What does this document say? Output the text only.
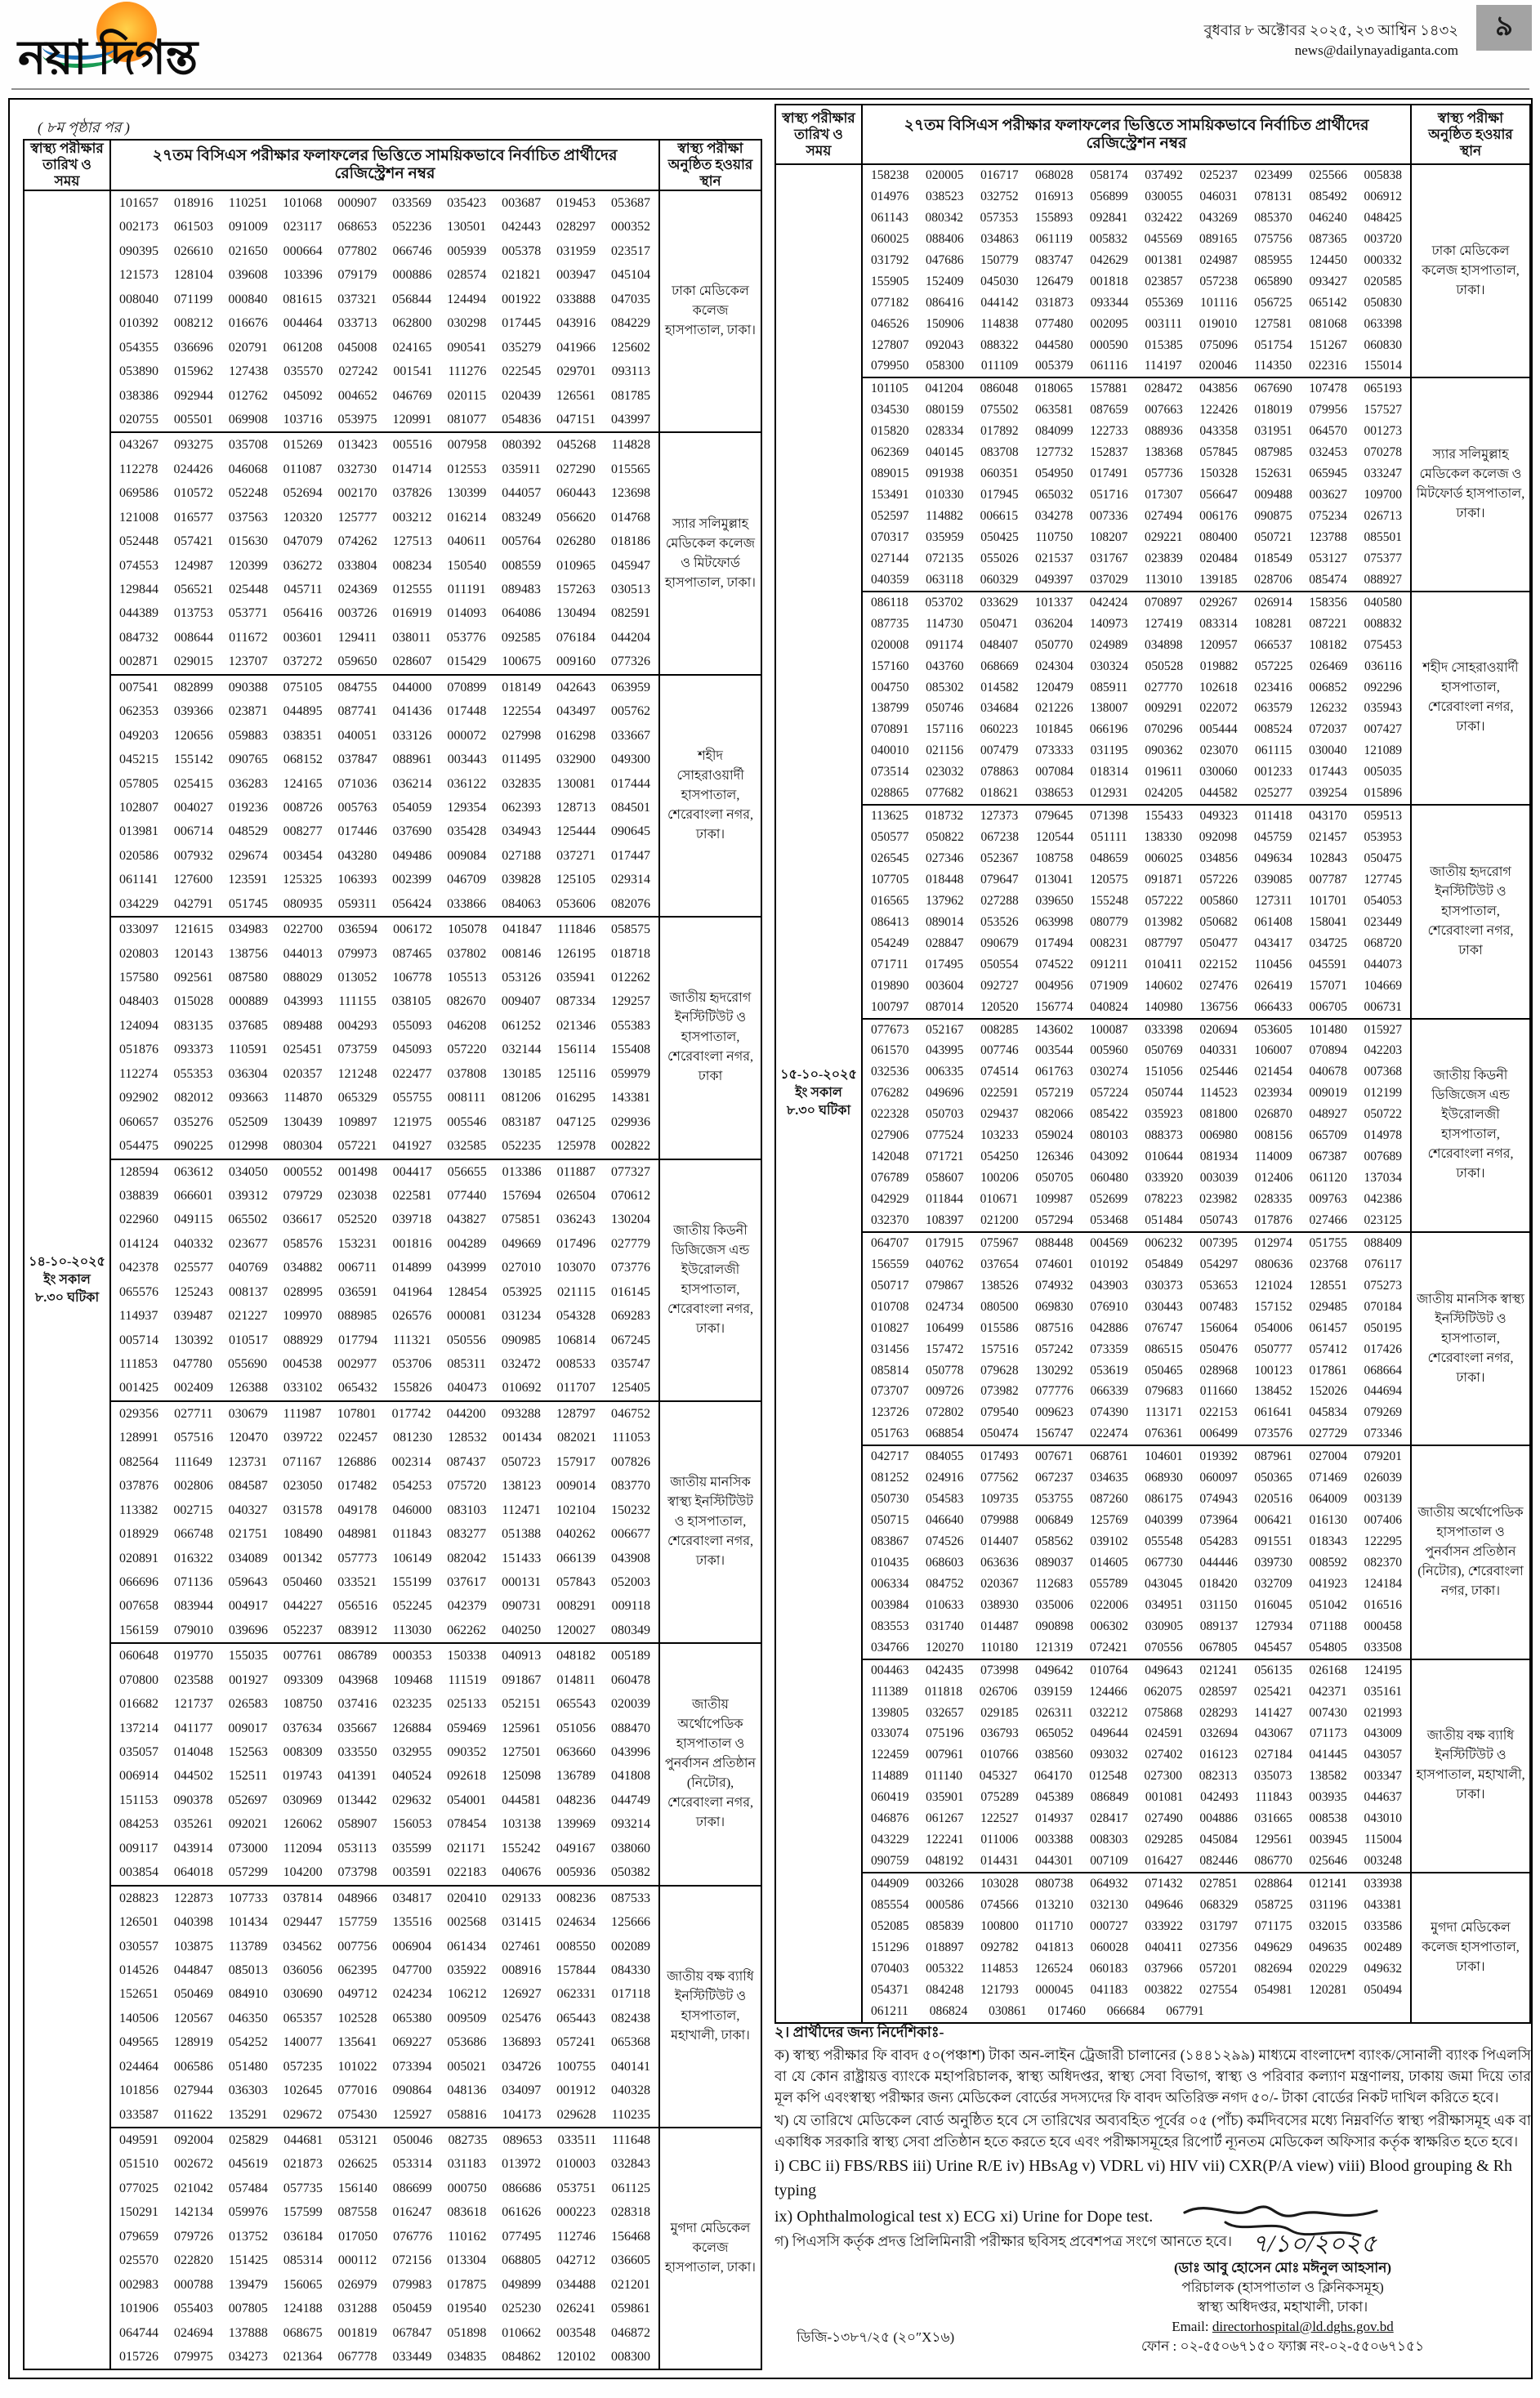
নয়া দিগন্ত
বুধবার ৮ অক্টোবর ২০২৫, ২৩ আশ্বিন ১৪৩২
news@dailynayadiganta.com
৯
( ৮ম পৃষ্ঠার পর )
স্বাস্থ্য পরীক্ষার তারিখ ও সময়
২৭তম বিসিএস পরীক্ষার ফলাফলের ভিত্তিতে সাময়িকভাবে নির্বাচিত প্রার্থীদের রেজিস্ট্রেশন নম্বর
স্বাস্থ্য পরীক্ষা অনুষ্ঠিত হওয়ার স্থান
১৪-১০-২০২৫ ইং সকাল ৮.৩০ ঘটিকা
101657 018916 110251 101068 000907 033569 035423 003687 019453 053687
002173 061503 091009 023117 068653 052236 130501 042443 028297 000352
090395 026610 021650 000664 077802 066746 005939 005378 031959 023517
121573 128104 039608 103396 079179 000886 028574 021821 003947 045104
008040 071199 000840 081615 037321 056844 124494 001922 033888 047035
010392 008212 016676 004464 033713 062800 030298 017445 043916 084229
054355 036696 020791 061208 045008 024165 090541 035279 041966 125602
053890 015962 127438 035570 027242 001541 111276 022545 029701 093113
038386 092944 012762 045092 004652 046769 020115 020439 126561 081785
020755 005501 069908 103716 053975 120991 081077 054836 047151 043997
ঢাকা মেডিকেল কলেজ হাসপাতাল, ঢাকা।
043267 093275 035708 015269 013423 005516 007958 080392 045268 114828
112278 024426 046068 011087 032730 014714 012553 035911 027290 015565
069586 010572 052248 052694 002170 037826 130399 044057 060443 123698
121008 016577 037563 120320 125777 003212 016214 083249 056620 014768
052448 057421 015630 047079 074262 127513 040611 005764 026280 018186
074553 124987 120399 036272 033804 008234 150540 008559 010965 045947
129844 056521 025448 045711 024369 012555 011191 089483 157263 030513
044389 013753 053771 056416 003726 016919 014093 064086 130494 082591
084732 008644 011672 003601 129411 038011 053776 092585 076184 044204
002871 029015 123707 037272 059650 028607 015429 100675 009160 077326
স্যার সলিমুল্লাহ মেডিকেল কলেজ ও মিটফোর্ড হাসপাতাল, ঢাকা।
007541 082899 090388 075105 084755 044000 070899 018149 042643 063959
062353 039366 023871 044895 087741 041436 017448 122554 043497 005762
049203 120656 059883 038351 040051 033126 000072 027998 016298 033667
045215 155142 090765 068152 037847 088961 003443 011495 032900 049300
057805 025415 036283 124165 071036 036214 036122 032835 130081 017444
102807 004027 019236 008726 005763 054059 129354 062393 128713 084501
013981 006714 048529 008277 017446 037690 035428 034943 125444 090645
020586 007932 029674 003454 043280 049486 009084 027188 037271 017447
061141 127600 123591 125325 106393 002399 046709 039828 125105 029314
034229 042791 051745 080935 059311 056424 033866 084063 053606 082076
শহীদ সোহরাওয়ার্দী হাসপাতাল, শেরেবাংলা নগর, ঢাকা।
033097 121615 034983 022700 036594 006172 105078 041847 111846 058575
020803 120143 138756 044013 079973 087465 037802 008146 126195 018718
157580 092561 087580 088029 013052 106778 105513 053126 035941 012262
048403 015028 000889 043993 111155 038105 082670 009407 087334 129257
124094 083135 037685 089488 004293 055093 046208 061252 021346 055383
051876 093373 110591 025451 073759 045093 057220 032144 156114 155408
112274 055353 036304 020357 121248 022477 037808 130185 125116 059979
092902 082012 093663 114870 065329 055755 008111 081206 016295 143381
060657 035276 052509 130439 109897 121975 005546 083187 047125 029936
054475 090225 012998 080304 057221 041927 032585 052235 125978 002822
জাতীয় হৃদরোগ ইনস্টিটিউট ও হাসপাতাল, শেরেবাংলা নগর, ঢাকা
128594 063612 034050 000552 001498 004417 056655 013386 011887 077327
038839 066601 039312 079729 023038 022581 077440 157694 026504 070612
022960 049115 065502 036617 052520 039718 043827 075851 036243 130204
014124 040332 023677 058576 153231 001816 004289 049669 017496 027779
042378 025577 040769 034882 006711 014899 043999 027010 103070 073776
065576 125243 008137 028995 036591 041964 128454 053925 021115 016145
114937 039487 021227 109970 088985 026576 000081 031234 054328 069283
005714 130392 010517 088929 017794 111321 050556 090985 106814 067245
111853 047780 055690 004538 002977 053706 085311 032472 008533 035747
001425 002409 126388 033102 065432 155826 040473 010692 011707 125405
জাতীয় কিডনী ডিজিজেস এন্ড ইউরোলজী হাসপাতাল, শেরেবাংলা নগর, ঢাকা।
029356 027711 030679 111987 107801 017742 044200 093288 128797 046752
128991 057516 120470 039722 022457 081230 128532 001434 082021 111053
082564 111649 123731 071167 126886 002314 087437 050723 157917 007826
037876 002806 084587 023050 017482 054253 075720 138123 009014 083770
113382 002715 040327 031578 049178 046000 083103 112471 102104 150232
018929 066748 021751 108490 048981 011843 083277 051388 040262 006677
020891 016322 034089 001342 057773 106149 082042 151433 066139 043908
066696 071136 059643 050460 033521 155199 037617 000131 057843 052003
007658 083944 004917 044227 056516 052245 042379 090731 008291 009118
156159 079010 039696 052237 083912 113030 062262 040250 120027 080349
জাতীয় মানসিক স্বাস্থ্য ইনস্টিটিউট ও হাসপাতাল, শেরেবাংলা নগর, ঢাকা।
060648 019770 155035 007761 086789 000353 150338 040913 048182 005189
070800 023588 001927 093309 043968 109468 111519 091867 014811 060478
016682 121737 026583 108750 037416 023235 025133 052151 065543 020039
137214 041177 009017 037634 035667 126884 059469 125961 051056 088470
035057 014048 152563 008309 033550 032955 090352 127501 063660 043996
006914 044502 152511 019743 041391 040524 092618 125098 136789 041808
151153 090378 052697 030969 013442 029632 054001 044581 048236 044749
084253 035261 092021 126062 058907 156053 078454 103138 139969 093214
009117 043914 073000 112094 053113 035599 021171 155242 049167 038060
003854 064018 057299 104200 073798 003591 022183 040676 005936 050382
জাতীয় অর্থোপেডিক হাসপাতাল ও পুনর্বাসন প্রতিষ্ঠান (নিটোর), শেরেবাংলা নগর, ঢাকা।
028823 122873 107733 037814 048966 034817 020410 029133 008236 087533
126501 040398 101434 029447 157759 135516 002568 031415 024634 125666
030557 103875 113789 034562 007756 006904 061434 027461 008550 002089
014526 044847 085013 036056 062395 047700 035922 008916 157844 084330
152651 050469 084910 030690 049712 024234 106212 126927 062331 017118
140506 120567 046350 065357 102528 065380 009509 025476 065443 082438
049565 128919 054252 140077 135641 069227 053686 136893 057241 065368
024464 006586 051480 057235 101022 073394 005021 034726 100755 040141
101856 027944 036303 102645 077016 090864 048136 034097 001912 040328
033587 011622 135291 029672 075430 125927 058816 104173 029628 110235
জাতীয় বক্ষ ব্যাধি ইনস্টিটিউট ও হাসপাতাল, মহাখালী, ঢাকা।
049591 092004 025829 044681 053121 050046 082735 089653 033511 111648
051510 002672 045619 021873 026625 053314 031183 013972 010003 032843
077025 021042 057484 057735 156140 086699 000750 086686 053751 061125
150291 142134 059976 157599 087558 016247 083618 061626 000223 028318
079659 079726 013752 036184 017050 076776 110162 077495 112746 156468
025570 022820 151425 085314 000112 072156 013304 068805 042712 036605
002983 000788 139479 156065 026979 079983 017875 049899 034488 021201
101906 055403 007805 124188 031288 050459 019540 025230 026241 059861
064744 024694 137888 068675 001819 067847 051898 010662 003548 046872
015726 079975 034273 021364 067778 033449 034835 084862 120102 008300
মুগদা মেডিকেল কলেজ হাসপাতাল, ঢাকা।
স্বাস্থ্য পরীক্ষার তারিখ ও সময়
২৭তম বিসিএস পরীক্ষার ফলাফলের ভিত্তিতে সাময়িকভাবে নির্বাচিত প্রার্থীদের রেজিস্ট্রেশন নম্বর
স্বাস্থ্য পরীক্ষা অনুষ্ঠিত হওয়ার স্থান
১৫-১০-২০২৫ ইং সকাল ৮.৩০ ঘটিকা
158238 020005 016717 068028 058174 037492 025237 023499 025566 005838
014976 038523 032752 016913 056899 030055 046031 078131 085492 006912
061143 080342 057353 155893 092841 032422 043269 085370 046240 048425
060025 088406 034863 061119 005832 045569 089165 075756 087365 003720
031792 047686 150779 083747 042629 001381 024987 085955 124450 000332
155905 152409 045030 126479 001818 023857 057238 065890 093427 020585
077182 086416 044142 031873 093344 055369 101116 056725 065142 050830
046526 150906 114838 077480 002095 003111 019010 127581 081068 063398
127807 092043 088322 044580 000590 015385 075096 051754 151267 060830
079950 058300 011109 005379 061116 114197 020046 114350 022316 155014
ঢাকা মেডিকেল কলেজ হাসপাতাল, ঢাকা।
101105 041204 086048 018065 157881 028472 043856 067690 107478 065193
034530 080159 075502 063581 087659 007663 122426 018019 079956 157527
015820 028334 017892 084099 122733 088936 043358 031951 064570 001273
062369 040145 083708 127732 152837 138368 057845 087985 032453 070278
089015 091938 060351 054950 017491 057736 150328 152631 065945 033247
153491 010330 017945 065032 051716 017307 056647 009488 003627 109700
052597 114882 006615 034278 007336 027494 006176 090875 075234 026713
070317 035959 050425 110750 108207 029221 080400 050721 123788 085501
027144 072135 055026 021537 031767 023839 020484 018549 053127 075377
040359 063118 060329 049397 037029 113010 139185 028706 085474 088927
স্যার সলিমুল্লাহ মেডিকেল কলেজ ও মিটফোর্ড হাসপাতাল, ঢাকা।
086118 053702 033629 101337 042424 070897 029267 026914 158356 040580
087735 114730 050471 036204 140973 127419 083314 108281 087221 008832
020008 091174 048407 050770 024989 034898 120957 066537 108182 075453
157160 043760 068669 024304 030324 050528 019882 057225 026469 036116
004750 085302 014582 120479 085911 027770 102618 023416 006852 092296
138799 050746 034684 021226 138007 009291 022072 063579 126232 035943
070891 157116 060223 101845 066196 070296 005444 008524 072037 007427
040010 021156 007479 073333 031195 090362 023070 061115 030040 121089
073514 023032 078863 007084 018314 019611 030060 001233 017443 005035
028865 077682 018621 038653 012931 024205 044582 025277 039254 015896
শহীদ সোহরাওয়ার্দী হাসপাতাল, শেরেবাংলা নগর, ঢাকা।
113625 018732 127373 079645 071398 155433 049323 011418 043170 059513
050577 050822 067238 120544 051111 138330 092098 045759 021457 053953
026545 027346 052367 108758 048659 006025 034856 049634 102843 050475
107705 018448 079647 013041 120575 091871 057226 039085 007787 127745
016565 137962 027288 039650 155248 057222 005860 127311 101701 054053
086413 089014 053526 063998 080779 013982 050682 061408 158041 023449
054249 028847 090679 017494 008231 087797 050477 043417 034725 068720
071711 017495 050554 074522 091211 010411 022152 110456 045591 044073
019890 003604 092727 004956 071909 140602 027476 026419 157071 104669
100797 087014 120520 156774 040824 140980 136756 066433 006705 006731
জাতীয় হৃদরোগ ইনস্টিটিউট ও হাসপাতাল, শেরেবাংলা নগর, ঢাকা
077673 052167 008285 143602 100087 033398 020694 053605 101480 015927
061570 043995 007746 003544 005960 050769 040331 106007 070894 042203
032536 006335 074514 061763 030274 151056 025446 021454 040678 007368
076282 049696 022591 057219 057224 050744 114523 023934 009019 012199
022328 050703 029437 082066 085422 035923 081800 026870 048927 050722
027906 077524 103233 059024 080103 088373 006980 008156 065709 014978
142048 071721 054250 126346 043092 010644 081934 114009 067387 007689
076789 058607 100206 050705 060480 033920 003039 012406 061120 137034
042929 011844 010671 109987 052699 078223 023982 028335 009763 042386
032370 108397 021200 057294 053468 051484 050743 017876 027466 023125
জাতীয় কিডনী ডিজিজেস এন্ড ইউরোলজী হাসপাতাল, শেরেবাংলা নগর, ঢাকা।
064707 017915 075967 088448 004569 006232 007395 012974 051755 088409
156559 040762 037654 074601 010192 054849 054297 080636 023768 076117
050717 079867 138526 074932 043903 030373 053653 121024 128551 075273
010708 024734 080500 069830 076910 030443 007483 157152 029485 070184
010827 106499 015586 087516 042886 076747 156064 054006 061457 050195
031456 157472 157516 057242 073359 086515 050476 050777 057412 017426
085814 050778 079628 130292 053619 050465 028968 100123 017861 068664
073707 009726 073982 077776 066339 079683 011660 138452 152026 044694
123726 072802 079540 009623 074390 113171 022153 061641 045834 079269
051763 068854 050474 156747 022474 076361 006499 073576 027729 073346
জাতীয় মানসিক স্বাস্থ্য ইনস্টিটিউট ও হাসপাতাল, শেরেবাংলা নগর, ঢাকা।
042717 084055 017493 007671 068761 104601 019392 087961 027004 079201
081252 024916 077562 067237 034635 068930 060097 050365 071469 026039
050730 054583 109735 053755 087260 086175 074943 020516 064009 003139
050715 046640 079988 006849 125769 040399 073964 006421 016130 007406
083867 074526 014407 058562 039102 055548 054283 091551 018343 122295
010435 068603 063636 089037 014605 067730 044446 039730 008592 082370
006334 084752 020367 112683 055789 043045 018420 032709 041923 124184
003984 010633 038930 035006 022006 034951 031150 016045 051042 016516
083553 031740 014487 090898 006302 030905 089137 127934 071188 000458
034766 120270 110180 121319 072421 070556 067805 045457 054805 033508
জাতীয় অর্থোপেডিক হাসপাতাল ও পুনর্বাসন প্রতিষ্ঠান (নিটোর), শেরেবাংলা নগর, ঢাকা।
004463 042435 073998 049642 010764 049643 021241 056135 026168 124195
111389 011818 026706 039159 124466 062075 028597 025421 042371 035161
139805 032657 029185 026311 032212 075868 028293 141427 007430 021993
033074 075196 036793 065052 049644 024591 032694 043067 071173 043009
122459 007961 010766 038560 093032 027402 016123 027184 041445 043057
114889 011140 045327 064170 012548 027300 082313 035073 138582 003347
060419 035901 075289 045389 086849 001081 042493 111843 003935 044637
046876 061267 122527 014937 028417 027490 004886 031665 008538 043010
043229 122241 011006 003388 008303 029285 045084 129561 003945 115004
090759 048192 014431 044301 007109 016427 082446 086770 025646 003248
জাতীয় বক্ষ ব্যাধি ইনস্টিটিউট ও হাসপাতাল, মহাখালী, ঢাকা।
044909 003266 103028 080738 064932 071432 027851 028864 012141 033938
085554 000586 074566 013210 032130 049646 068329 058725 031196 043381
052085 085839 100800 011710 000727 033922 031797 071175 032015 033586
151296 018897 092782 041813 060028 040411 027356 049629 049635 002489
070403 005322 114853 126524 060183 037966 057201 082694 020229 049632
054371 084248 121793 000045 041183 003822 027554 054981 120281 050494
061211 086824 030861 017460 066684 067791
মুগদা মেডিকেল কলেজ হাসপাতাল, ঢাকা।
২। প্রার্থীদের জন্য নির্দেশিকাঃ-

ক) স্বাস্থ্য পরীক্ষার ফি বাবদ ৫০(পঞ্চাশ) টাকা অন-লাইন ট্রেজারী চালানের (১৪৪১২৯৯) মাধ্যমে বাংলাদেশ ব্যাংক/সোনালী ব্যাংক পিএলসি বা যে কোন রাষ্ট্রায়ত্ত ব্যাংকে মহাপরিচালক, স্বাস্থ্য অধিদপ্তর, স্বাস্থ্য সেবা বিভাগ, স্বাস্থ্য ও পরিবার কল্যাণ মন্ত্রণালয়, ঢাকায় জমা দিয়ে তার মূল কপি এবংস্বাস্থ্য পরীক্ষার জন্য মেডিকেল বোর্ডের সদস্যদের ফি বাবদ অতিরিক্ত নগদ ৫০/- টাকা বোর্ডের নিকট দাখিল করিতে হবে।

খ) যে তারিখে মেডিকেল বোর্ড অনুষ্ঠিত হবে সে তারিখের অব্যবহিত পূর্বের ০৫ (পাঁচ) কর্মদিবসের মধ্যে নিম্নবর্ণিত স্বাস্থ্য পরীক্ষাসমূহ এক বা একাধিক সরকারি স্বাস্থ্য সেবা প্রতিষ্ঠান হতে করতে হবে এবং পরীক্ষাসমূহের রিপোর্ট ন্যূনতম মেডিকেল অফিসার কর্তৃক স্বাক্ষরিত হতে হবে।

i) CBC ii) FBS/RBS iii) Urine R/E iv) HBsAg v) VDRL vi) HIV vii) CXR(P/A view) viii) Blood grouping & Rh typing

ix) Ophthalmological test x) ECG xi) Urine for Dope test.

গ) পিএসসি কর্তৃক প্রদত্ত প্রিলিমিনারী পরীক্ষার ছবিসহ প্রবেশপত্র সংগে আনতে হবে। ৭/১০/২০২৫
(ডাঃ আবু হোসেন মোঃ মঈনুল আহসান)
পরিচালক (হাসপাতাল ও ক্লিনিকসমূহ)
স্বাস্থ্য অধিদপ্তর, মহাখালী, ঢাকা।
Email: directorhospital@ld.dghs.gov.bd
ফোন : ০২-৫৫০৬৭১৫০ ফ্যাক্স নং-০২-৫৫০৬৭১৫১
ডিজি-১৩৮৭/২৫ (২০″X১৬)
